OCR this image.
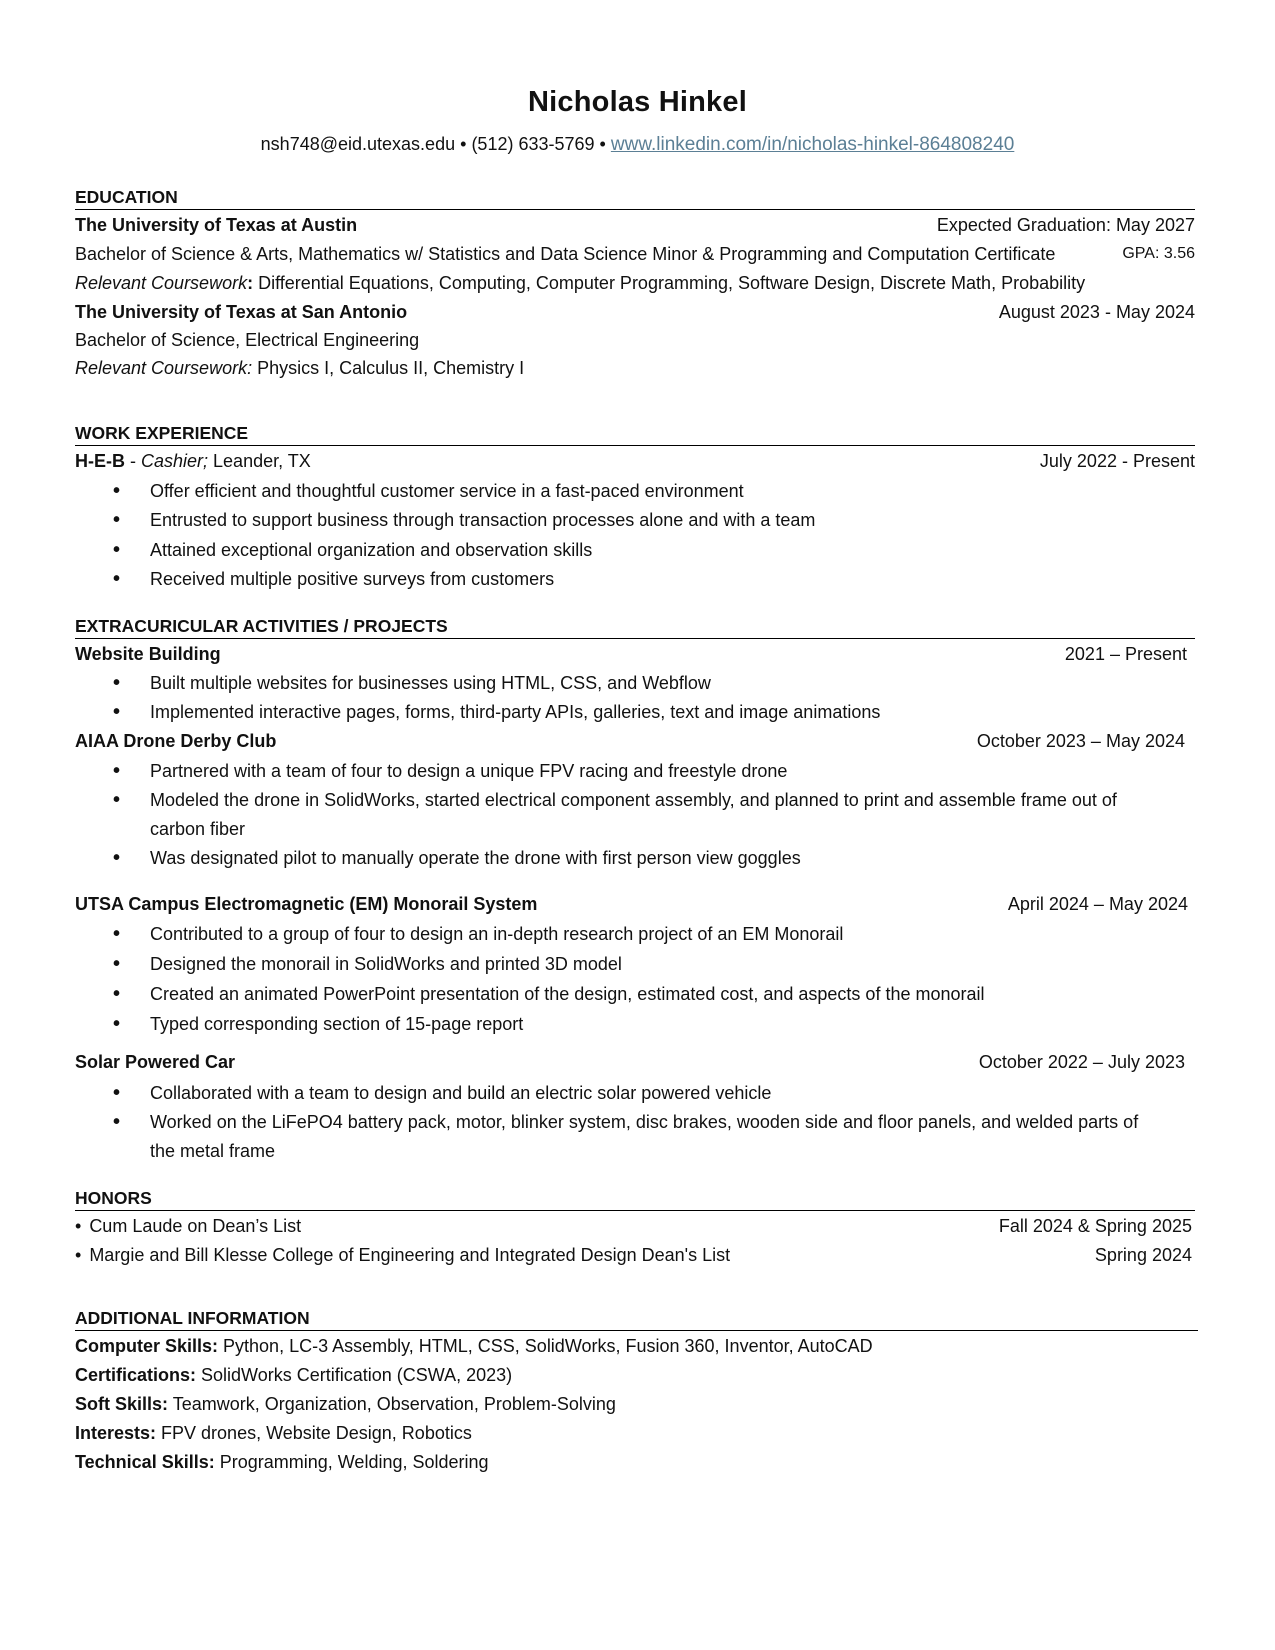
Nicholas Hinkel
nsh748@eid.utexas.edu • (512) 633-5769 • www.linkedin.com/in/nicholas-hinkel-864808240
EDUCATION
The University of Texas at Austin	Expected Graduation: May 2027
Bachelor of Science & Arts, Mathematics w/ Statistics and Data Science Minor & Programming and Computation Certificate	GPA: 3.56
Relevant Coursework: Differential Equations, Computing, Computer Programming, Software Design, Discrete Math, Probability
The University of Texas at San Antonio	August 2023 - May 2024
Bachelor of Science, Electrical Engineering
Relevant Coursework: Physics I, Calculus II, Chemistry I
WORK EXPERIENCE
H-E-B - Cashier; Leander, TX	July 2022 - Present
• Offer efficient and thoughtful customer service in a fast-paced environment
• Entrusted to support business through transaction processes alone and with a team
• Attained exceptional organization and observation skills
• Received multiple positive surveys from customers
EXTRACURICULAR ACTIVITIES / PROJECTS
Website Building	2021 – Present
• Built multiple websites for businesses using HTML, CSS, and Webflow
• Implemented interactive pages, forms, third-party APIs, galleries, text and image animations
AIAA Drone Derby Club	October 2023 – May 2024
• Partnered with a team of four to design a unique FPV racing and freestyle drone
• Modeled the drone in SolidWorks, started electrical component assembly, and planned to print and assemble frame out of
carbon fiber
• Was designated pilot to manually operate the drone with first person view goggles
UTSA Campus Electromagnetic (EM) Monorail System	April 2024 – May 2024
• Contributed to a group of four to design an in-depth research project of an EM Monorail
• Designed the monorail in SolidWorks and printed 3D model
• Created an animated PowerPoint presentation of the design, estimated cost, and aspects of the monorail
• Typed corresponding section of 15-page report
Solar Powered Car	October 2022 – July 2023
• Collaborated with a team to design and build an electric solar powered vehicle
• Worked on the LiFePO4 battery pack, motor, blinker system, disc brakes, wooden side and floor panels, and welded parts of
the metal frame
HONORS
• Cum Laude on Dean’s List	Fall 2024 & Spring 2025
• Margie and Bill Klesse College of Engineering and Integrated Design Dean's List	Spring 2024
ADDITIONAL INFORMATION
Computer Skills: Python, LC-3 Assembly, HTML, CSS, SolidWorks, Fusion 360, Inventor, AutoCAD
Certifications: SolidWorks Certification (CSWA, 2023)
Soft Skills: Teamwork, Organization, Observation, Problem-Solving
Interests: FPV drones, Website Design, Robotics
Technical Skills: Programming, Welding, Soldering
